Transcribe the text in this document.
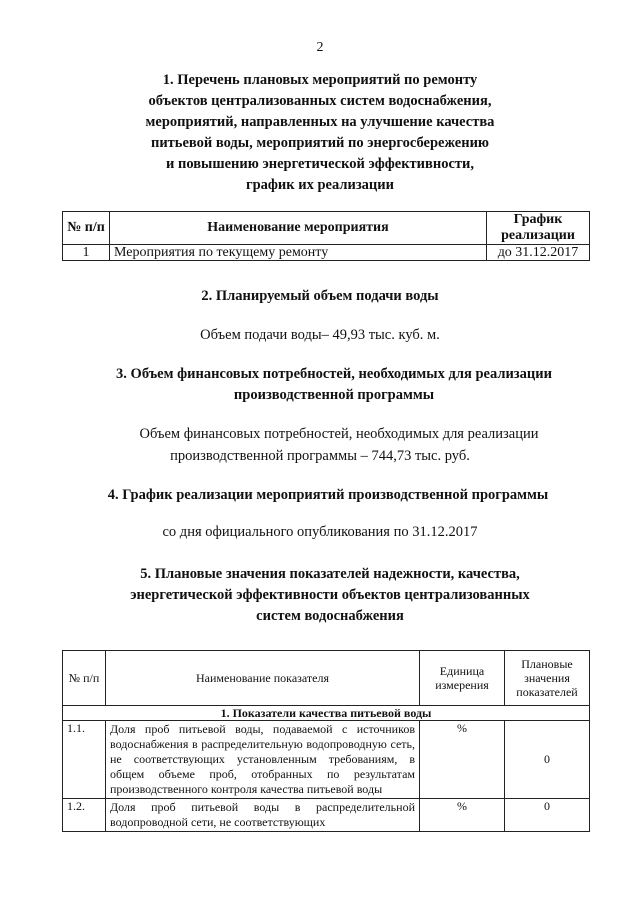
2
1. Перечень плановых мероприятий по ремонту
объектов централизованных систем водоснабжения,
мероприятий, направленных на улучшение качества
питьевой воды, мероприятий по энергосбережению
и повышению энергетической эффективности,
график их реализации
№ п/п	Наименование мероприятия	График реализации
1	Мероприятия по текущему ремонту	до 31.12.2017
2. Планируемый объем подачи воды
Объем подачи воды– 49,93 тыс. куб. м.
3. Объем финансовых потребностей, необходимых для реализации
производственной программы
Объем финансовых потребностей, необходимых для реализации
производственной программы – 744,73 тыс. руб.
4. График реализации мероприятий производственной программы
со дня официального опубликования по 31.12.2017
5. Плановые значения показателей надежности, качества,
энергетической эффективности объектов централизованных
систем водоснабжения
№ п/п	Наименование показателя	Единица измерения	Плановые значения показателей
1. Показатели качества питьевой воды			
1.1.	Доля проб питьевой воды, подаваемой с источников водоснабжения в распределительную водопроводную сеть, не соответствующих установленным требованиям, в общем объеме проб, отобранных по результатам производственного контроля качества питьевой воды	%	0
1.2.	Доля проб питьевой воды в распределительной водопроводной сети, не соответствующих	%	0
